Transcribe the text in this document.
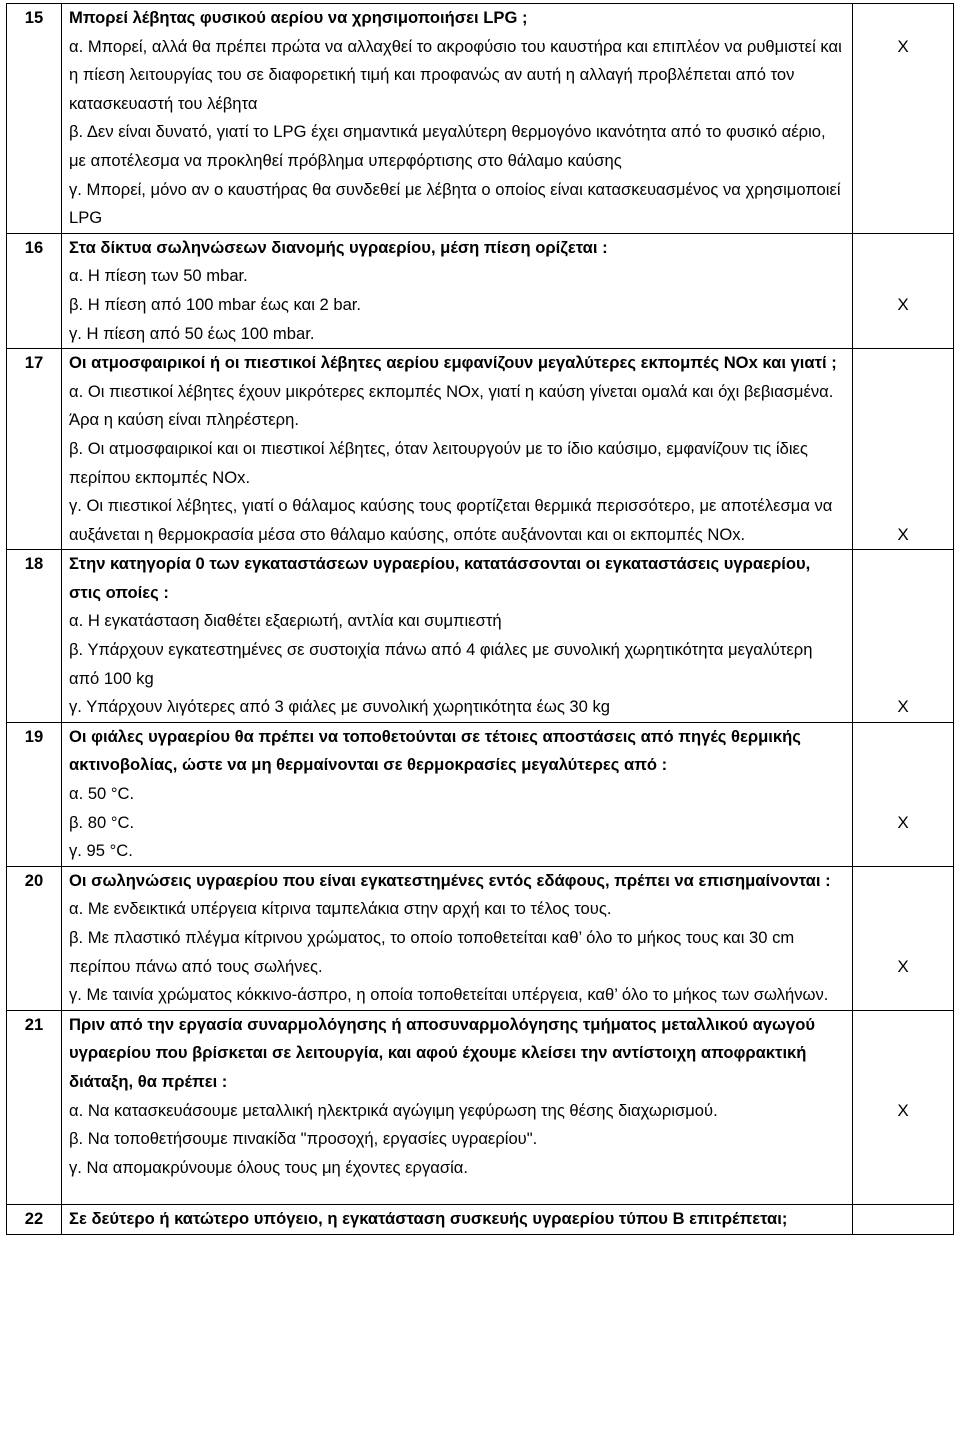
15	Μπορεί λέβητας φυσικού αερίου να χρησιμοποιήσει LPG ;
α. Μπορεί, αλλά θα πρέπει πρώτα να αλλαχθεί το ακροφύσιο του καυστήρα και επιπλέον να ρυθμιστεί και η πίεση λειτουργίας του σε διαφορετική τιμή και προφανώς αν αυτή η αλλαγή προβλέπεται από τον κατασκευαστή του λέβητα
β. Δεν είναι δυνατό, γιατί το LPG έχει σημαντικά μεγαλύτερη θερμογόνο ικανότητα από το φυσικό αέριο, με αποτέλεσμα να προκληθεί πρόβλημα υπερφόρτισης στο θάλαμο καύσης
γ. Μπορεί, μόνο αν ο καυστήρας θα συνδεθεί με λέβητα ο οποίος είναι κατασκευασμένος να χρησιμοποιεί LPG	X

16	Στα δίκτυα σωληνώσεων διανομής υγραερίου, μέση πίεση ορίζεται :
α. Η πίεση των 50 mbar.
β. Η πίεση από 100 mbar έως και 2 bar.
γ. Η πίεση από 50 έως 100 mbar.	X

17	Οι ατμοσφαιρικοί ή οι πιεστικοί λέβητες αερίου εμφανίζουν μεγαλύτερες εκπομπές NOx και γιατί ;
α. Οι πιεστικοί λέβητες έχουν μικρότερες εκπομπές NOx, γιατί η καύση γίνεται ομαλά και όχι βεβιασμένα. Άρα η καύση είναι πληρέστερη.
β. Οι ατμοσφαιρικοί και οι πιεστικοί λέβητες, όταν λειτουργούν με το ίδιο καύσιμο, εμφανίζουν τις ίδιες περίπου εκπομπές NOx.
γ. Οι πιεστικοί λέβητες, γιατί ο θάλαμος καύσης τους φορτίζεται θερμικά περισσότερο, με αποτέλεσμα να αυξάνεται η θερμοκρασία μέσα στο θάλαμο καύσης, οπότε αυξάνονται και οι εκπομπές NOx.	X

18	Στην κατηγορία 0 των εγκαταστάσεων υγραερίου, κατατάσσονται οι εγκαταστάσεις υγραερίου, στις οποίες :
α. Η εγκατάσταση διαθέτει εξαεριωτή, αντλία και συμπιεστή
β. Υπάρχουν εγκατεστημένες σε συστοιχία πάνω από 4 φιάλες με συνολική χωρητικότητα μεγαλύτερη από 100 kg
γ. Υπάρχουν λιγότερες από 3 φιάλες με συνολική χωρητικότητα έως 30 kg	X

19	Οι φιάλες υγραερίου θα πρέπει να τοποθετούνται σε τέτοιες αποστάσεις από πηγές θερμικής ακτινοβολίας, ώστε να μη θερμαίνονται σε θερμοκρασίες μεγαλύτερες από :
α. 50 °C.
β. 80 °C.
γ. 95 °C.	X

20	Οι σωληνώσεις υγραερίου που είναι εγκατεστημένες εντός εδάφους, πρέπει να επισημαίνονται :
α. Με ενδεικτικά υπέργεια κίτρινα ταμπελάκια στην αρχή και το τέλος τους.
β. Με πλαστικό πλέγμα κίτρινου χρώματος, το οποίο τοποθετείται καθ’ όλο το μήκος τους και 30 cm περίπου πάνω από τους σωλήνες.
γ. Με ταινία χρώματος κόκκινο-άσπρο, η οποία τοποθετείται υπέργεια, καθ’ όλο το μήκος των σωλήνων.	X

21	Πριν από την εργασία συναρμολόγησης ή αποσυναρμολόγησης τμήματος μεταλλικού αγωγού υγραερίου που βρίσκεται σε λειτουργία, και αφού έχουμε κλείσει την αντίστοιχη αποφρακτική διάταξη, θα πρέπει :
α. Να κατασκευάσουμε μεταλλική ηλεκτρικά αγώγιμη γεφύρωση της θέσης διαχωρισμού.
β. Να τοποθετήσουμε πινακίδα "προσοχή, εργασίες υγραερίου".
γ. Να απομακρύνουμε όλους τους μη έχοντες εργασία.	X

22	Σε δεύτερο ή κατώτερο υπόγειο, η εγκατάσταση συσκευής υγραερίου τύπου B επιτρέπεται;	
